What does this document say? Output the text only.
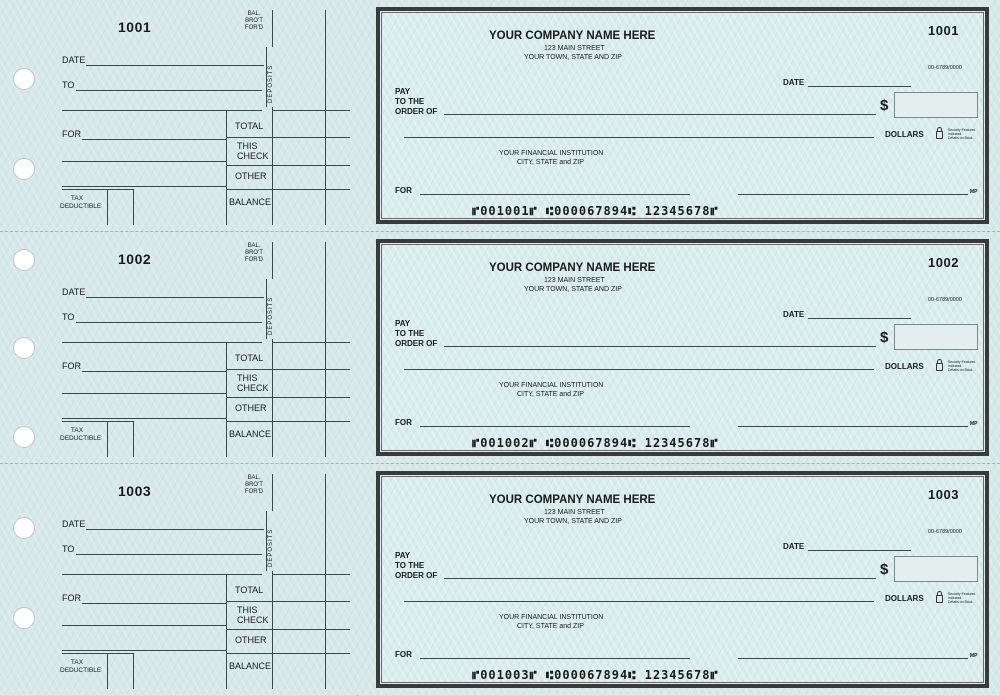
1001
BAL.
BRO'T
FOR'D
DEPOSITS
DATE
TO
FOR
TOTAL
THIS
CHECK
OTHER
BALANCE
TAX
DEDUCTIBLE
YOUR COMPANY NAME HERE
123 MAIN STREET
YOUR TOWN, STATE AND ZIP
1001
00-6789/0000
DATE
PAY
TO THE
ORDER OF	$
DOLLARS	Security Features
Included.
Details on Back.
YOUR FINANCIAL INSTITUTION
CITY, STATE and ZIP
FOR	MP
⑈001001⑈ ⑆000067894⑆ 12345678⑈
1002
BAL.
BRO'T
FOR'D
DEPOSITS
DATE
TO
FOR
TOTAL
THIS
CHECK
OTHER
BALANCE
TAX
DEDUCTIBLE
YOUR COMPANY NAME HERE
123 MAIN STREET
YOUR TOWN, STATE AND ZIP
1002
00-6789/0000
DATE
PAY
TO THE
ORDER OF	$
DOLLARS	Security Features
Included.
Details on Back.
YOUR FINANCIAL INSTITUTION
CITY, STATE and ZIP
FOR	MP
⑈001002⑈ ⑆000067894⑆ 12345678⑈
1003
BAL.
BRO'T
FOR'D
DEPOSITS
DATE
TO
FOR
TOTAL
THIS
CHECK
OTHER
BALANCE
TAX
DEDUCTIBLE
YOUR COMPANY NAME HERE
123 MAIN STREET
YOUR TOWN, STATE AND ZIP
1003
00-6789/0000
DATE
PAY
TO THE
ORDER OF	$
DOLLARS	Security Features
Included.
Details on Back.
YOUR FINANCIAL INSTITUTION
CITY, STATE and ZIP
FOR	MP
⑈001003⑈ ⑆000067894⑆ 12345678⑈
